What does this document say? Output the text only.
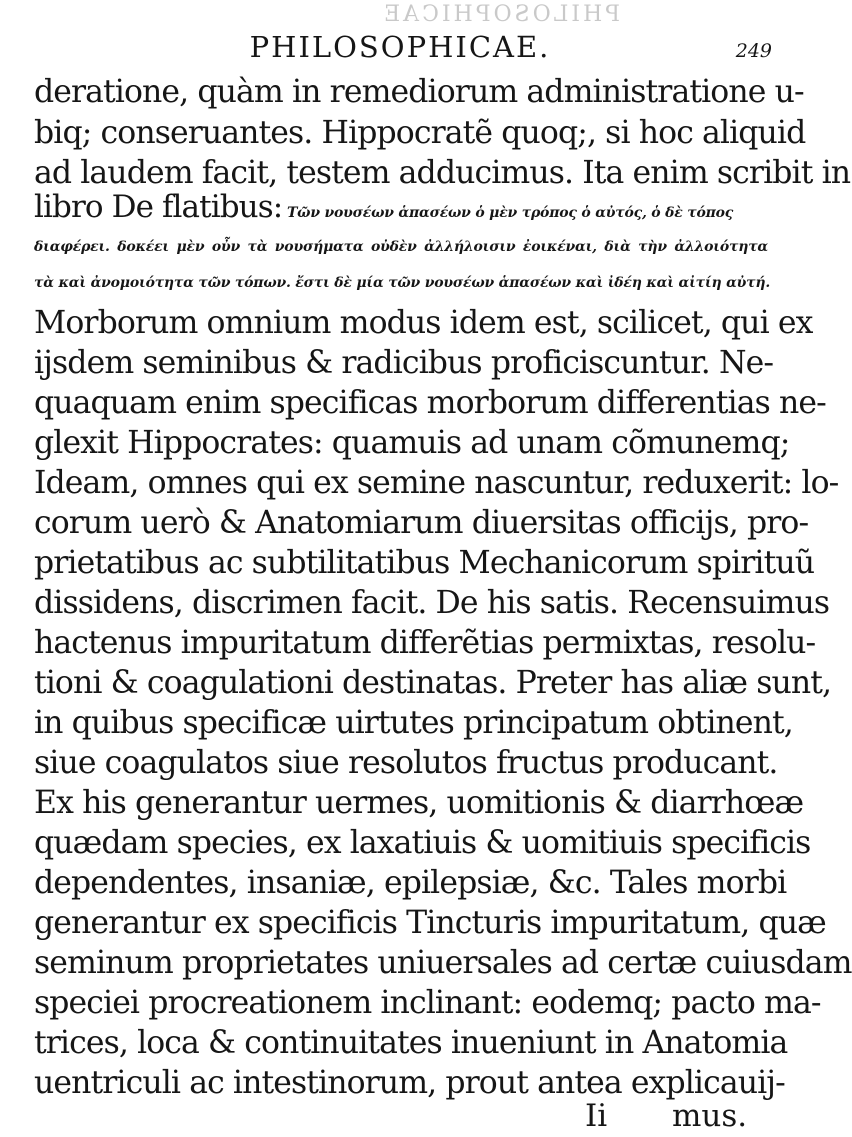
PHILOSOPHICAE
PHILOSOPHICAE.	249
derationе, quàm in remediorum administratione u-
biq; conseruantes. Hippocratẽ quoq;, si hoc aliquid
ad laudem facit, testem adducimus. Ita enim scribit in
libro De flatibus: Τῶν νουσέων ἁπασέων ὁ μὲν τρόπος ὁ αὐτός, ὁ δὲ τόπος
διαφέρει. δοκέει μὲν οὖν τὰ νουσήματα οὐδὲν ἀλλήλοισιν ἐοικέναι, διὰ τὴν ἀλλοιότητα
τὰ καὶ ἀνομοιότητα τῶν τόπων. ἔστι δὲ μία τῶν νουσέων ἁπασέων καὶ ἰδέη καὶ αἰτίη αὐτή.
Morborum omnium modus idem est, scilicet, qui ex
ijsdem seminibus & radicibus proficiscuntur. Ne-
quaquam enim specificas morborum differentias ne-
glexit Hippocrates: quamuis ad unam cõmunemq;
Ideam, omnes qui ex semine nascuntur, reduxerit: lo-
corum uerò & Anatomiarum diuersitas officijs, pro-
prietatibus ac subtilitatibus Mechanicorum spirituũ
dissidens, discrimen facit. De his satis. Recensuimus
hactenus impuritatum differẽtias permixtas, resolu-
tioni & coagulationi destinatas. Preter has aliæ sunt,
in quibus specificæ uirtutes principatum obtinent,
siue coagulatos siue resolutos fructus producant.
Ex his generantur uermes, uomitionis & diarrhœæ
quædam species, ex laxatiuis & uomitiuis specificis
dependentes, insaniæ, epilepsiæ, &c. Tales morbi
generantur ex specificis Tincturis impuritatum, quæ
seminum proprietates uniuersales ad certæ cuiusdam
speciei procreationem inclinant: eodemq; pacto ma-
trices, loca & continuitates inueniunt in Anatomia
uentriculi ac intestinorum, prout antea explicauij-
Ii mus.
